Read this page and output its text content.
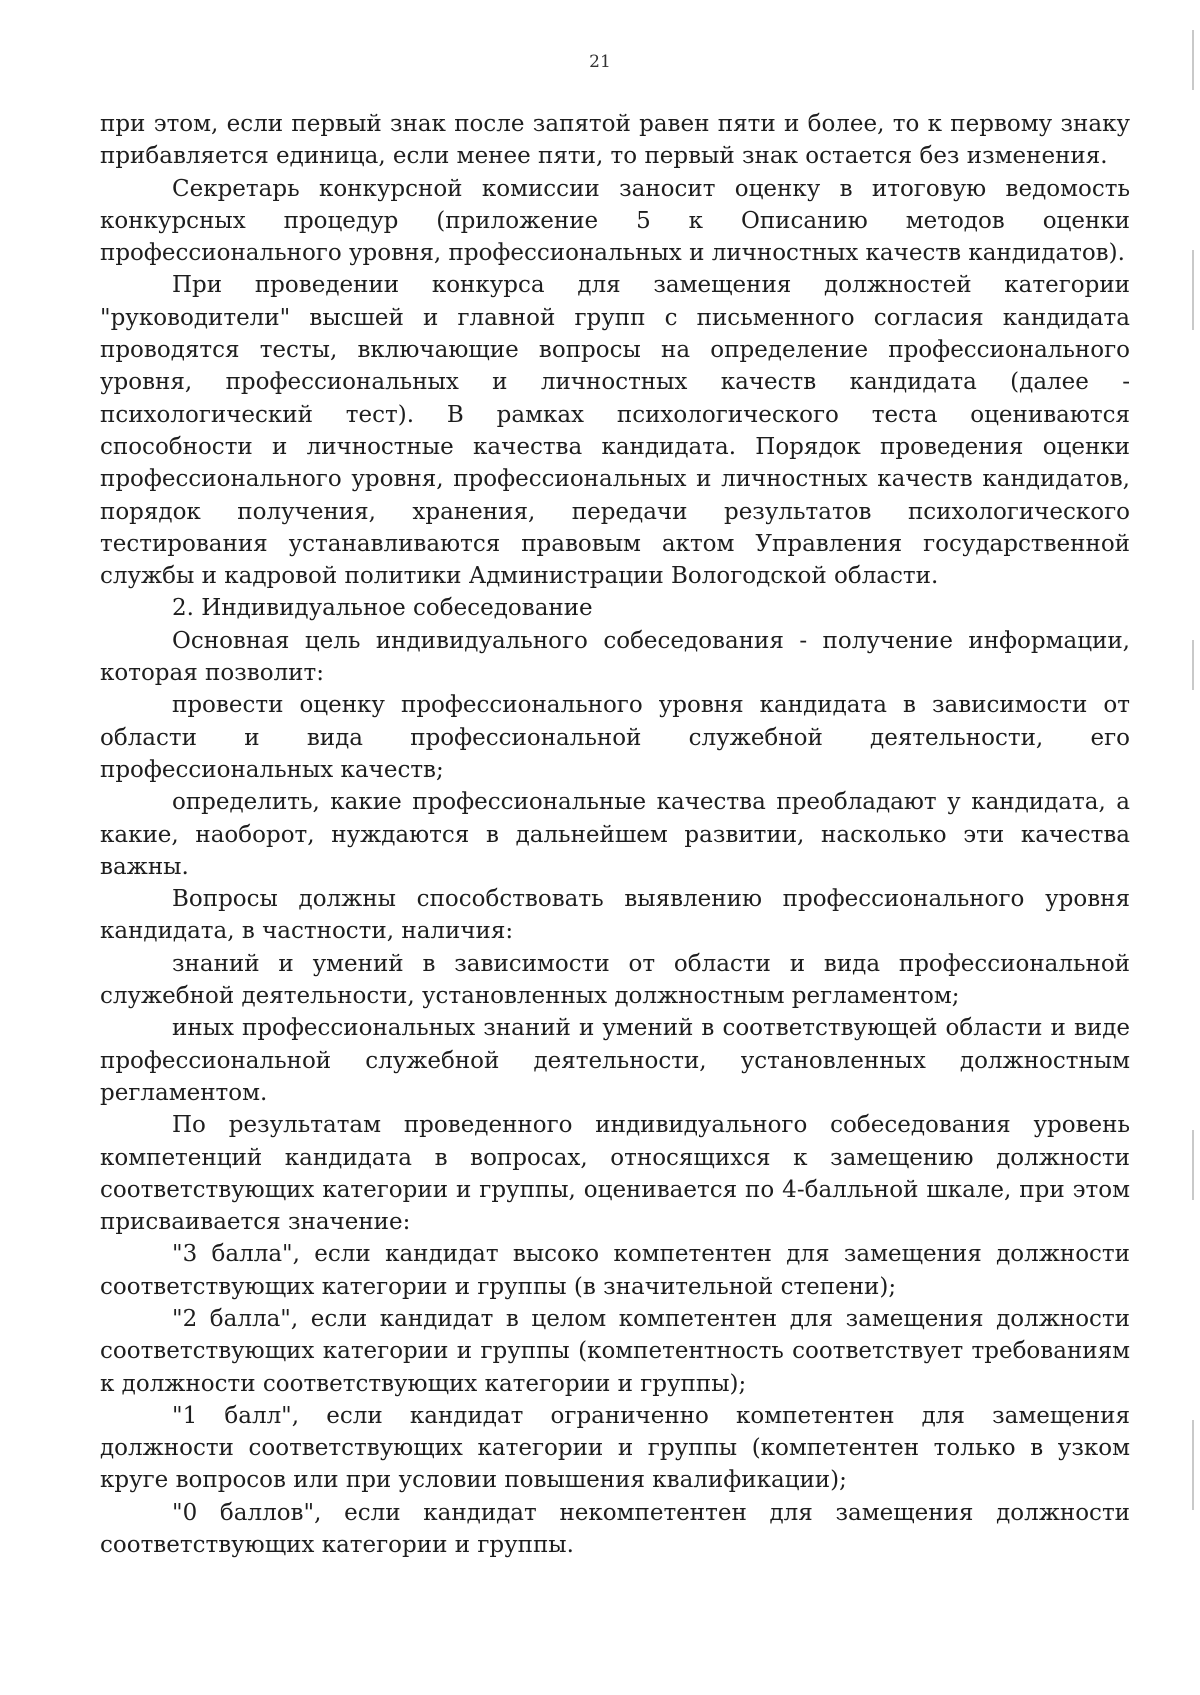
21

при этом, если первый знак после запятой равен пяти и более, то к первому знаку прибавляется единица, если менее пяти, то первый знак остается без изменения.

Секретарь конкурсной комиссии заносит оценку в итоговую ведомость конкурсных процедур (приложение 5 к Описанию методов оценки профессионального уровня, профессиональных и личностных качеств кандидатов).

При проведении конкурса для замещения должностей категории "руководители" высшей и главной групп с письменного согласия кандидата проводятся тесты, включающие вопросы на определение профессионального уровня, профессиональных и личностных качеств кандидата (далее - психологический тест). В рамках психологического теста оцениваются способности и личностные качества кандидата. Порядок проведения оценки профессионального уровня, профессиональных и личностных качеств кандидатов, порядок получения, хранения, передачи результатов психологического тестирования устанавливаются правовым актом Управления государственной службы и кадровой политики Администрации Вологодской области.

2. Индивидуальное собеседование

Основная цель индивидуального собеседования - получение информации, которая позволит:

провести оценку профессионального уровня кандидата в зависимости от области и вида профессиональной служебной деятельности, его профессиональных качеств;

определить, какие профессиональные качества преобладают у кандидата, а какие, наоборот, нуждаются в дальнейшем развитии, насколько эти качества важны.

Вопросы должны способствовать выявлению профессионального уровня кандидата, в частности, наличия:

знаний и умений в зависимости от области и вида профессиональной служебной деятельности, установленных должностным регламентом;

иных профессиональных знаний и умений в соответствующей области и виде профессиональной служебной деятельности, установленных должностным регламентом.

По результатам проведенного индивидуального собеседования уровень компетенций кандидата в вопросах, относящихся к замещению должности соответствующих категории и группы, оценивается по 4-балльной шкале, при этом присваивается значение:

"3 балла", если кандидат высоко компетентен для замещения должности соответствующих категории и группы (в значительной степени);

"2 балла", если кандидат в целом компетентен для замещения должности соответствующих категории и группы (компетентность соответствует требованиям к должности соответствующих категории и группы);

"1 балл", если кандидат ограниченно компетентен для замещения должности соответствующих категории и группы (компетентен только в узком круге вопросов или при условии повышения квалификации);

"0 баллов", если кандидат некомпетентен для замещения должности соответствующих категории и группы.
